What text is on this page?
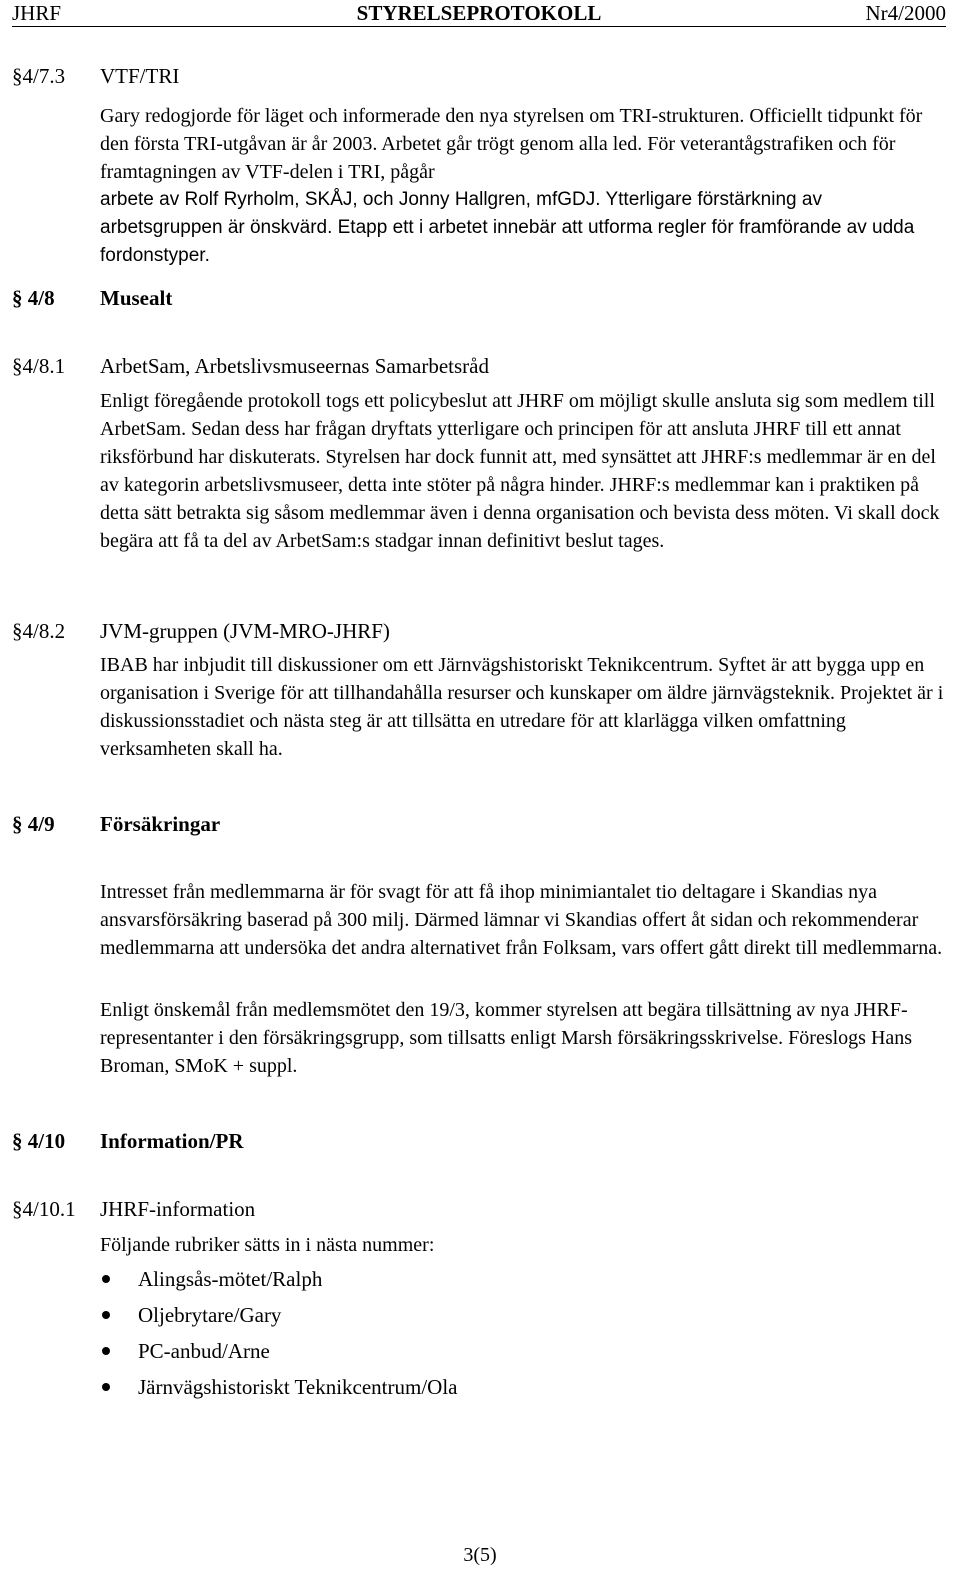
JHRF	STYRELSEPROTOKOLL	Nr4/2000
§4/7.3 VTF/TRI

Gary redogjorde för läget och informerade den nya styrelsen om TRI-strukturen. Officiellt tidpunkt för den första TRI-utgåvan är år 2003. Arbetet går trögt genom alla led. För veterantågstrafiken och för framtagningen av VTF-delen i TRI, pågår

arbete av Rolf Ryrholm, SKÅJ, och Jonny Hallgren, mfGDJ. Ytterligare förstärkning av arbetsgruppen är önskvärd. Etapp ett i arbetet innebär att utforma regler för framförande av udda fordonstyper.

§ 4/8 Musealt
§4/8.1 ArbetSam, Arbetslivsmuseernas Samarbetsråd

Enligt föregående protokoll togs ett policybeslut att JHRF om möjligt skulle ansluta sig som medlem till ArbetSam. Sedan dess har frågan dryftats ytterligare och principen för att ansluta JHRF till ett annat riksförbund har diskuterats. Styrelsen har dock funnit att, med synsättet att JHRF:s medlemmar är en del av kategorin arbetslivsmuseer, detta inte stöter på några hinder. JHRF:s medlemmar kan i praktiken på detta sätt betrakta sig såsom medlemmar även i denna organisation och bevista dess möten. Vi skall dock begära att få ta del av ArbetSam:s stadgar innan definitivt beslut tages.

§4/8.2 JVM-gruppen (JVM-MRO-JHRF)

IBAB har inbjudit till diskussioner om ett Järnvägshistoriskt Teknikcentrum. Syftet är att bygga upp en organisation i Sverige för att tillhandahålla resurser och kunskaper om äldre järnvägsteknik. Projektet är i diskussionsstadiet och nästa steg är att tillsätta en utredare för att klarlägga vilken omfattning verksamheten skall ha.

§ 4/9 Försäkringar

Intresset från medlemmarna är för svagt för att få ihop minimiantalet tio deltagare i Skandias nya ansvarsförsäkring baserad på 300 milj. Därmed lämnar vi Skandias offert åt sidan och rekommenderar medlemmarna att undersöka det andra alternativet från Folksam, vars offert gått direkt till medlemmarna.

Enligt önskemål från medlemsmötet den 19/3, kommer styrelsen att begära tillsättning av nya JHRF-representanter i den försäkringsgrupp, som tillsatts enligt Marsh försäkringsskrivelse. Föreslogs Hans Broman, SMoK + suppl.

§ 4/10 Information/PR
§4/10.1 JHRF-information

Följande rubriker sätts in i nästa nummer:

Alingsås-mötet/Ralph
Oljebrytare/Gary
PC-anbud/Arne
Järnvägshistoriskt Teknikcentrum/Ola
3(5)
